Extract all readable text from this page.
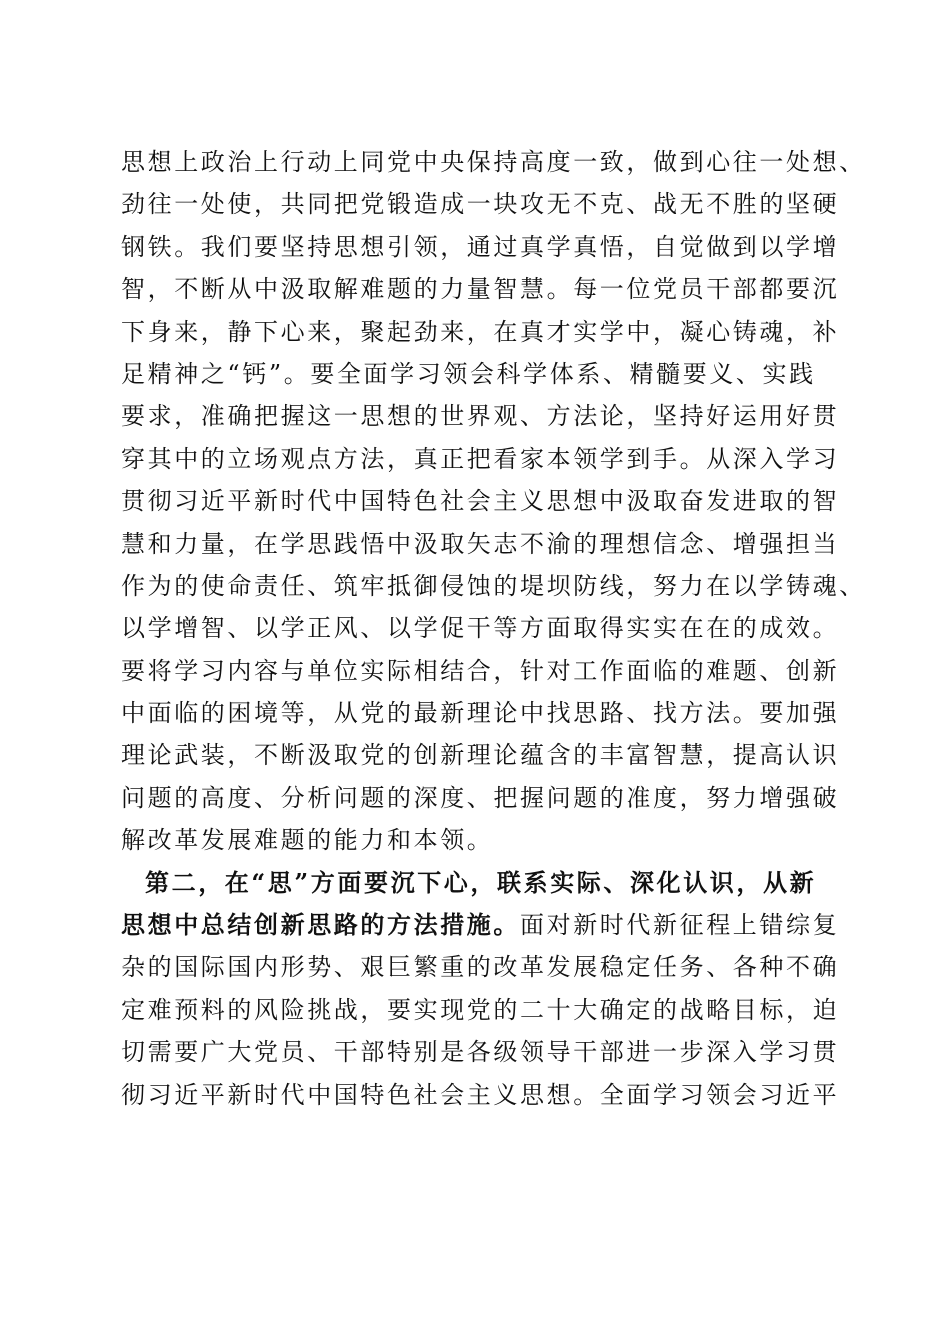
思想上政治上行动上同党中央保持高度一致，做到心往一处想、
劲往一处使，共同把党锻造成一块攻无不克、战无不胜的坚硬
钢铁。我们要坚持思想引领，通过真学真悟，自觉做到以学增
智，不断从中汲取解难题的力量智慧。每一位党员干部都要沉
下身来，静下心来，聚起劲来，在真才实学中，凝心铸魂，补
足精神之“钙”。要全面学习领会科学体系、精髓要义、实践
要求，准确把握这一思想的世界观、方法论，坚持好运用好贯
穿其中的立场观点方法，真正把看家本领学到手。从深入学习
贯彻习近平新时代中国特色社会主义思想中汲取奋发进取的智
慧和力量，在学思践悟中汲取矢志不渝的理想信念、增强担当
作为的使命责任、筑牢抵御侵蚀的堤坝防线，努力在以学铸魂、
以学增智、以学正风、以学促干等方面取得实实在在的成效。
要将学习内容与单位实际相结合，针对工作面临的难题、创新
中面临的困境等，从党的最新理论中找思路、找方法。要加强
理论武装，不断汲取党的创新理论蕴含的丰富智慧，提高认识
问题的高度、分析问题的深度、把握问题的准度，努力增强破
解改革发展难题的能力和本领。
第二，在“思”方面要沉下心，联系实际、深化认识，从新
思想中总结创新思路的方法措施。面对新时代新征程上错综复
杂的国际国内形势、艰巨繁重的改革发展稳定任务、各种不确
定难预料的风险挑战，要实现党的二十大确定的战略目标，迫
切需要广大党员、干部特别是各级领导干部进一步深入学习贯
彻习近平新时代中国特色社会主义思想。全面学习领会习近平
